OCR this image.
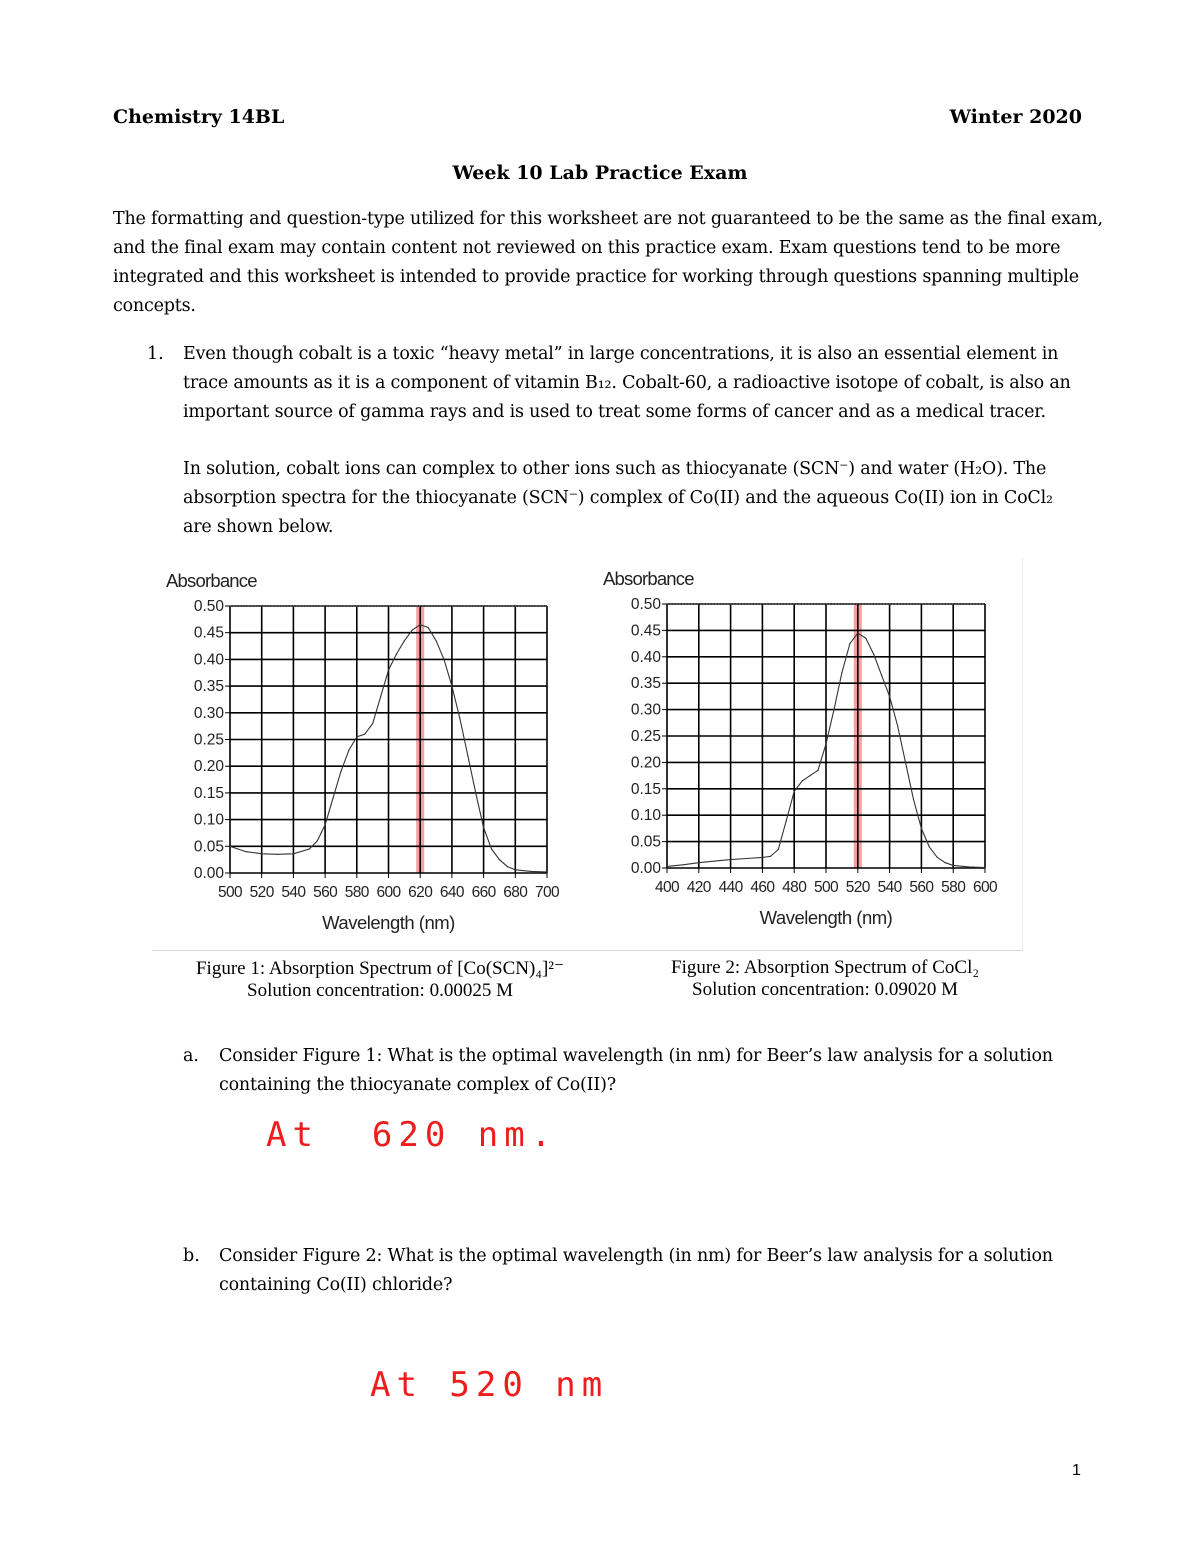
Chemistry 14BL	Winter 2020
Week 10 Lab Practice Exam

The formatting and question-type utilized for this worksheet are not guaranteed to be the same as the final exam,

and the final exam may contain content not reviewed on this practice exam. Exam questions tend to be more

integrated and this worksheet is intended to provide practice for working through questions spanning multiple

concepts.

1. Even though cobalt is a toxic “heavy metal” in large concentrations, it is also an essential element in

trace amounts as it is a component of vitamin B₁₂. Cobalt-60, a radioactive isotope of cobalt, is also an

important source of gamma rays and is used to treat some forms of cancer and as a medical tracer.

In solution, cobalt ions can complex to other ions such as thiocyanate (SCN⁻) and water (H₂O). The

absorption spectra for the thiocyanate (SCN⁻) complex of Co(II) and the aqueous Co(II) ion in CoCl₂

are shown below.

500 520 540 560 580 600 620 640 660 680 700
0.00
0.05
0.10
0.15
0.20
0.25
0.30
0.35
0.40
0.45
0.50
Absorbance
Wavelength (nm)
400 420 440 460 480 500 520 540 560 580 600
0.00
0.05
0.10
0.15
0.20
0.25
0.30
0.35
0.40
0.45
0.50
Absorbance
Wavelength (nm)
Figure 1: Absorption Spectrum of [Co(SCN)₄]²⁻
Solution concentration: 0.00025 M
Figure 2: Absorption Spectrum of CoCl₂
Solution concentration: 0.09020 M
a. Consider Figure 1: What is the optimal wavelength (in nm) for Beer’s law analysis for a solution

containing the thiocyanate complex of Co(II)?

At  620 nm.
b. Consider Figure 2: What is the optimal wavelength (in nm) for Beer’s law analysis for a solution

containing Co(II) chloride?

At 520 nm
1
